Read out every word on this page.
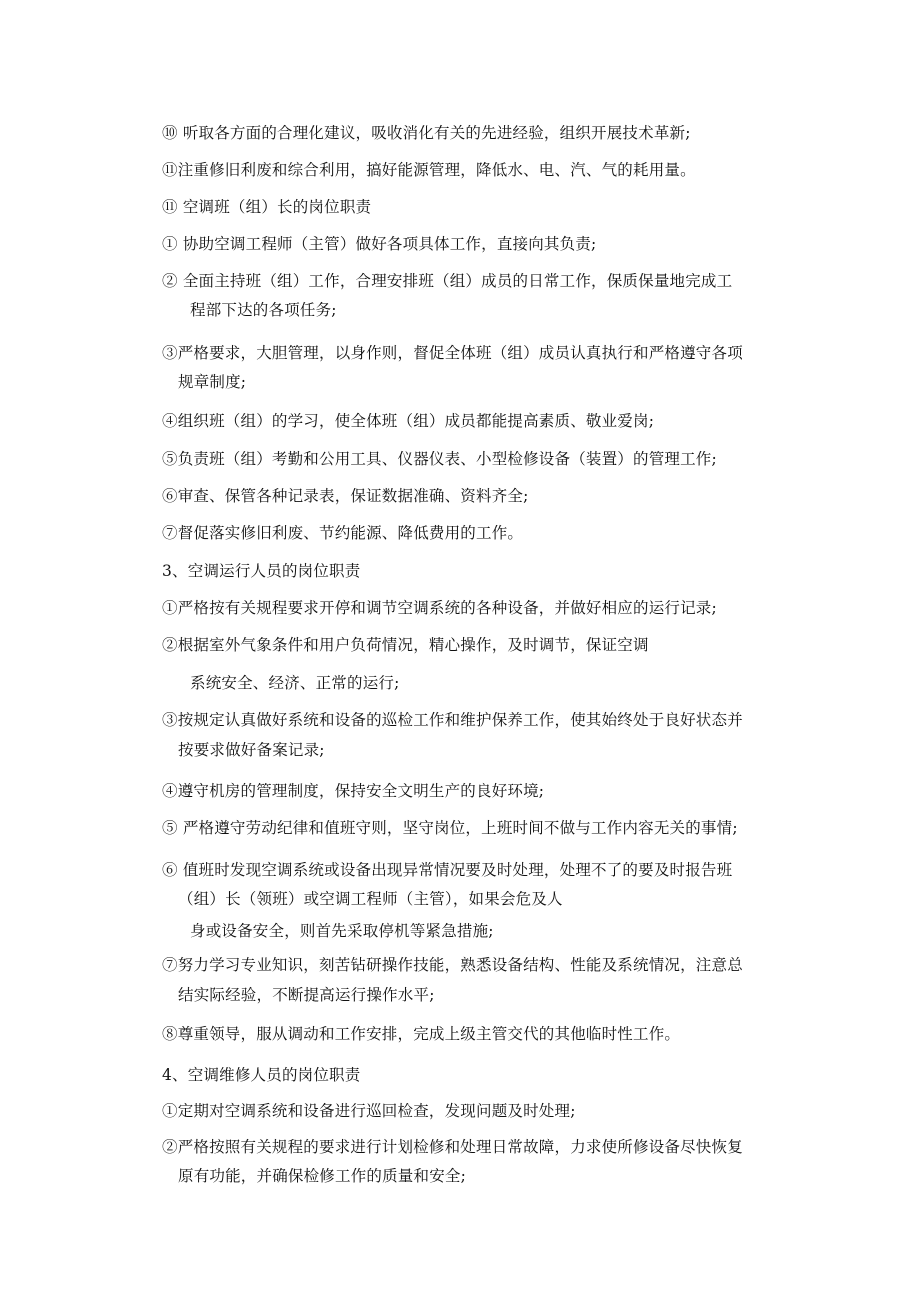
⑩ 听取各方面的合理化建议，吸收消化有关的先进经验，组织开展技术革新;
⑪注重修旧利废和综合利用，搞好能源管理，降低水、电、汽、气的耗用量。
⑪ 空调班（组）长的岗位职责
① 协助空调工程师（主管）做好各项具体工作，直接向其负责;
② 全面主持班（组）工作，合理安排班（组）成员的日常工作，保质保量地完成工
程部下达的各项任务;
③严格要求，大胆管理，以身作则，督促全体班（组）成员认真执行和严格遵守各项
规章制度;
④组织班（组）的学习，使全体班（组）成员都能提高素质、敬业爱岗;
⑤负责班（组）考勤和公用工具、仪器仪表、小型检修设备（装置）的管理工作;
⑥审查、保管各种记录表，保证数据准确、资料齐全;
⑦督促落实修旧利废、节约能源、降低费用的工作。
3、空调运行人员的岗位职责
①严格按有关规程要求开停和调节空调系统的各种设备，并做好相应的运行记录;
②根据室外气象条件和用户负荷情况，精心操作，及时调节，保证空调
系统安全、经济、正常的运行;
③按规定认真做好系统和设备的巡检工作和维护保养工作，使其始终处于良好状态并
按要求做好备案记录;
④遵守机房的管理制度，保持安全文明生产的良好环境;
⑤ 严格遵守劳动纪律和值班守则，坚守岗位，上班时间不做与工作内容无关的事情;
⑥ 值班时发现空调系统或设备出现异常情况要及时处理，处理不了的要及时报告班
（组）长（领班）或空调工程师（主管），如果会危及人
身或设备安全，则首先采取停机等紧急措施;
⑦努力学习专业知识，刻苦钻研操作技能，熟悉设备结构、性能及系统情况，注意总
结实际经验，不断提高运行操作水平;
⑧尊重领导，服从调动和工作安排，完成上级主管交代的其他临时性工作。
4、空调维修人员的岗位职责
①定期对空调系统和设备进行巡回检查，发现问题及时处理;
②严格按照有关规程的要求进行计划检修和处理日常故障，力求使所修设备尽快恢复
原有功能，并确保检修工作的质量和安全;
